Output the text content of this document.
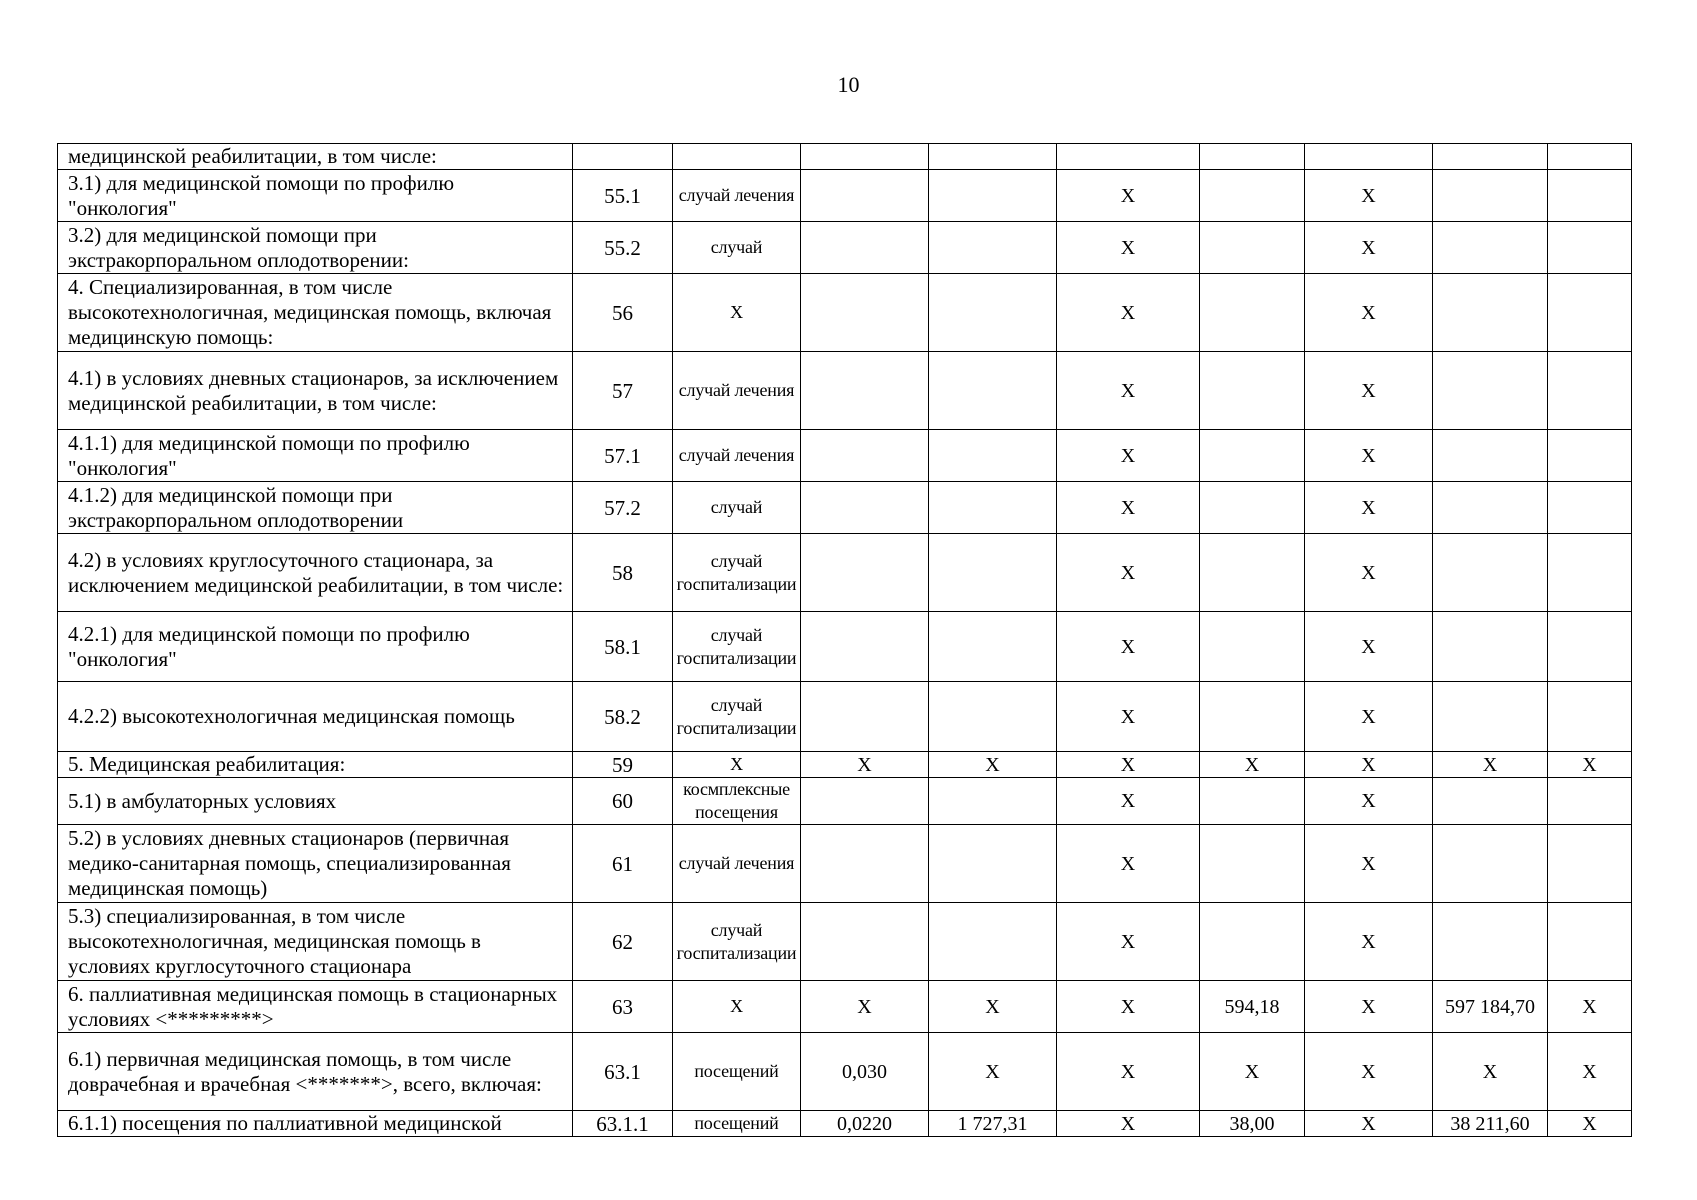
10
медицинской реабилитации, в том числе:									
3.1) для медицинской помощи по профилю "онкология"	55.1	случай лечения			Х		Х		
3.2) для медицинской помощи при экстракорпоральном оплодотворении:	55.2	случай			Х		Х		
4. Специализированная, в том числе высокотехнологичная, медицинская помощь, включая медицинскую помощь:	56	Х			Х		Х		
4.1) в условиях дневных стационаров, за исключением медицинской реабилитации, в том числе:	57	случай лечения			Х		Х		
4.1.1) для медицинской помощи по профилю "онкология"	57.1	случай лечения			Х		Х		
4.1.2) для медицинской помощи при экстракорпоральном оплодотворении	57.2	случай			Х		Х		
4.2) в условиях круглосуточного стационара, за исключением медицинской реабилитации, в том числе:	58	случай госпитализации			Х		Х		
4.2.1) для медицинской помощи по профилю "онкология"	58.1	случай госпитализации			Х		Х		
4.2.2) высокотехнологичная медицинская помощь	58.2	случай госпитализации			Х		Х		
5. Медицинская реабилитация:	59	Х	Х	Х	Х	Х	Х	Х	Х
5.1) в амбулаторных условиях	60	космплексные посещения			Х		Х		
5.2) в условиях дневных стационаров (первичная медико-санитарная помощь, специализированная медицинская помощь)	61	случай лечения			Х		Х		
5.3) специализированная, в том числе высокотехнологичная, медицинская помощь в условиях круглосуточного стационара	62	случай госпитализации			Х		Х		
6. паллиативная медицинская помощь в стационарных условиях <*********>	63	Х	Х	Х	Х	594,18	Х	597 184,70	Х
6.1) первичная медицинская помощь, в том числе доврачебная и врачебная <*******>, всего, включая:	63.1	посещений	0,030	Х	Х	Х	Х	Х	Х
6.1.1) посещения по паллиативной медицинской	63.1.1	посещений	0,0220	1 727,31	Х	38,00	Х	38 211,60	Х
